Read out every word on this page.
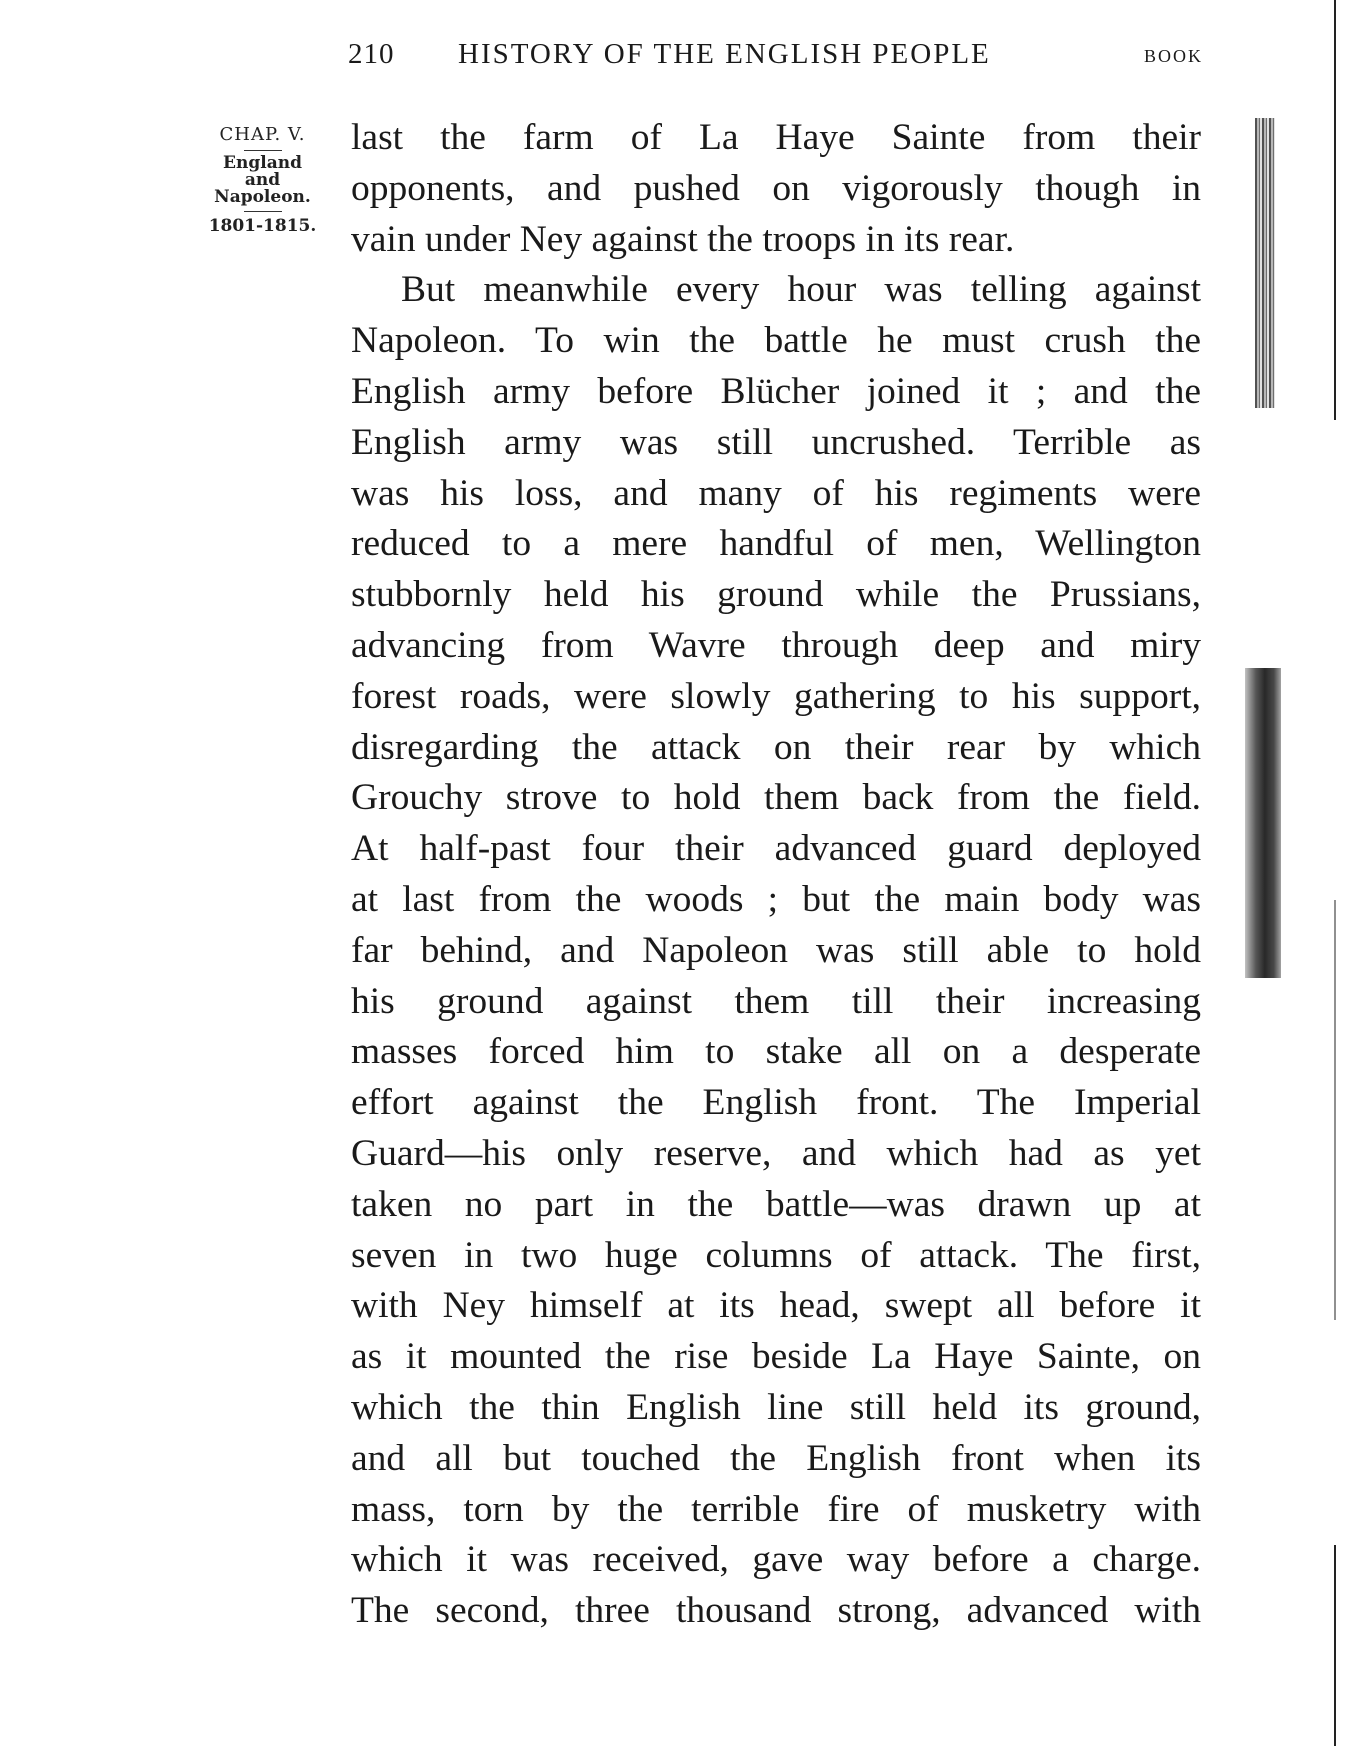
210 HISTORY OF THE ENGLISH PEOPLE	BOOK
CHAP. V.
England
and
Napoleon.
1801-1815.
last the farm of La Haye Sainte from their
opponents, and pushed on vigorously though in
vain under Ney against the troops in its rear.
But meanwhile every hour was telling against
Napoleon. To win the battle he must crush the
English army before Blücher joined it ; and the
English army was still uncrushed. Terrible as
was his loss, and many of his regiments were
reduced to a mere handful of men, Wellington
stubbornly held his ground while the Prussians,
advancing from Wavre through deep and miry
forest roads, were slowly gathering to his support,
disregarding the attack on their rear by which
Grouchy strove to hold them back from the field.
At half-past four their advanced guard deployed
at last from the woods ; but the main body was
far behind, and Napoleon was still able to hold
his ground against them till their increasing
masses forced him to stake all on a desperate
effort against the English front. The Imperial
Guard—his only reserve, and which had as yet
taken no part in the battle—was drawn up at
seven in two huge columns of attack. The first,
with Ney himself at its head, swept all before it
as it mounted the rise beside La Haye Sainte, on
which the thin English line still held its ground,
and all but touched the English front when its
mass, torn by the terrible fire of musketry with
which it was received, gave way before a charge.
The second, three thousand strong, advanced with
